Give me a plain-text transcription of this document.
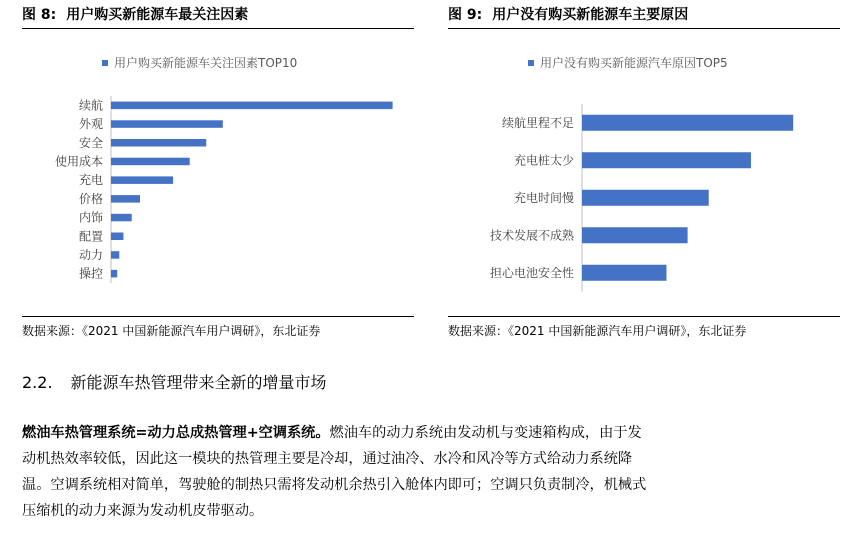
图 8: 用户购买新能源车最关注因素	图 9: 用户没有购买新能源车主要原因
用户购买新能源车关注因素TOP10
续航
外观
安全
使用成本
充电
价格
内饰
配置
动力
操控
用户没有购买新能源汽车原因TOP5
续航里程不足
充电桩太少
充电时间慢
技术发展不成熟
担心电池安全性
数据来源：《2021 中国新能源汽车用户调研》，东北证券	数据来源：《2021 中国新能源汽车用户调研》，东北证券
2.2. 新能源车热管理带来全新的增量市场
燃油车热管理系统=动力总成热管理+空调系统。燃油车的动力系统由发动机与变速箱构成，由于发动机热效率较低，因此这一模块的热管理主要是冷却，通过油冷、水冷和风冷等方式给动力系统降温。空调系统相对简单，驾驶舱的制热只需将发动机余热引入舱体内即可；空调只负责制冷，机械式压缩机的动力来源为发动机皮带驱动。
